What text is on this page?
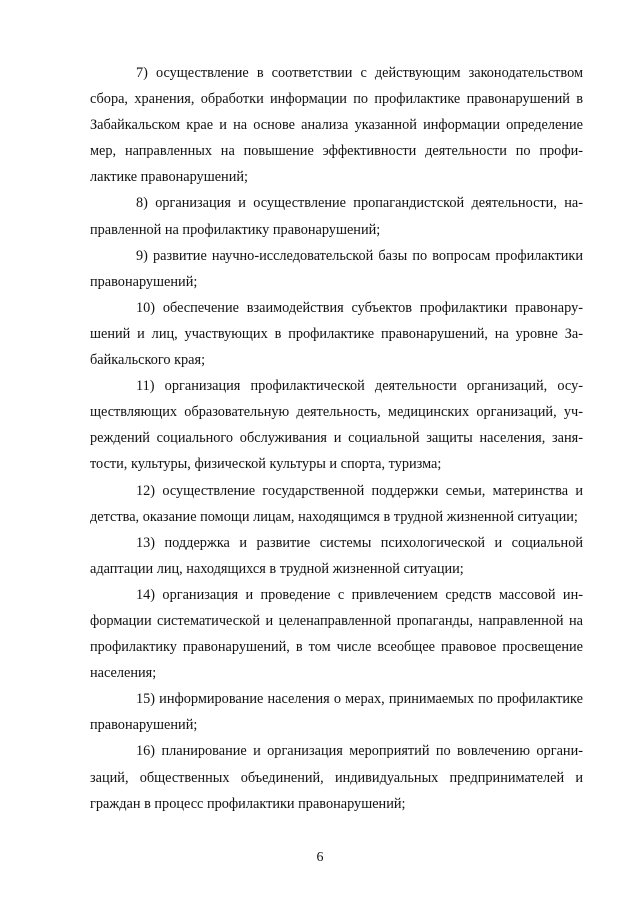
7) осуществление в соответствии с действующим законодательством сбора, хранения, обработки информации по профилактике правонарушений в Забайкальском крае и на основе анализа указанной информации определение мер, направленных на повышение эффективности деятельности по профилактике правонарушений;

8) организация и осуществление пропагандистской деятельности, направленной на профилактику правонарушений;

9) развитие научно-исследовательской базы по вопросам профилактики правонарушений;

10) обеспечение взаимодействия субъектов профилактики правонарушений и лиц, участвующих в профилактике правонарушений, на уровне Забайкальского края;

11) организация профилактической деятельности организаций, осуществляющих образовательную деятельность, медицинских организаций, учреждений социального обслуживания и социальной защиты населения, занятости, культуры, физической культуры и спорта, туризма;

12) осуществление государственной поддержки семьи, материнства и детства, оказание помощи лицам, находящимся в трудной жизненной ситуации;

13) поддержка и развитие системы психологической и социальной адаптации лиц, находящихся в трудной жизненной ситуации;

14) организация и проведение с привлечением средств массовой информации систематической и целенаправленной пропаганды, направленной на профилактику правонарушений, в том числе всеобщее правовое просвещение населения;

15) информирование населения о мерах, принимаемых по профилактике правонарушений;

16) планирование и организация мероприятий по вовлечению организаций, общественных объединений, индивидуальных предпринимателей и граждан в процесс профилактики правонарушений;

6
